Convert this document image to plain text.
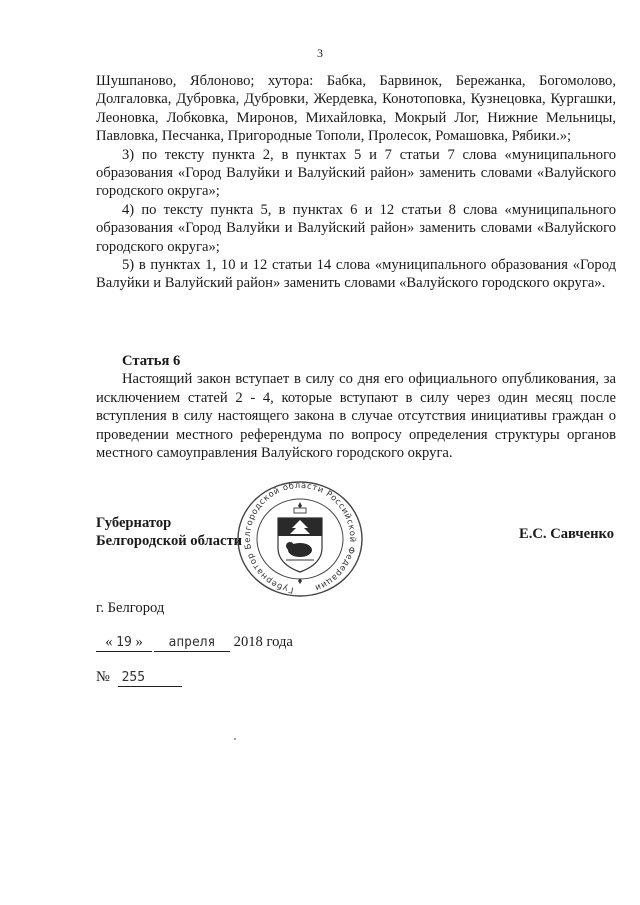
3

Шушпаново, Яблоново; хутора: Бабка, Барвинок, Бережанка, Богомолово, Долгаловка, Дубровка, Дубровки, Жердевка, Конотоповка, Кузнецовка, Кургашки, Леоновка, Лобковка, Миронов, Михайловка, Мокрый Лог, Нижние Мельницы, Павловка, Песчанка, Пригородные Тополи, Пролесок, Ромашовка, Рябики.»;

3) по тексту пункта 2, в пунктах 5 и 7 статьи 7 слова «муниципального образования «Город Валуйки и Валуйский район» заменить словами «Валуйского городского округа»;

4) по тексту пункта 5, в пунктах 6 и 12 статьи 8 слова «муниципального образования «Город Валуйки и Валуйский район» заменить словами «Валуйского городского округа»;

5) в пунктах 1, 10 и 12 статьи 14 слова «муниципального образования «Город Валуйки и Валуйский район» заменить словами «Валуйского городского округа».

Статья 6

Настоящий закон вступает в силу со дня его официального опубликования, за исключением статей 2 - 4, которые вступают в силу через один месяц после вступления в силу настоящего закона в случае отсутствия инициативы граждан о проведении местного референдума по вопросу определения структуры органов местного самоуправления Валуйского городского округа.

Губернатор Белгородской области Российской Федерации
Губернатор
Белгородской области	Е.С. Савченко
г. Белгород
« 19 » апреля 2018 года
№ 255
